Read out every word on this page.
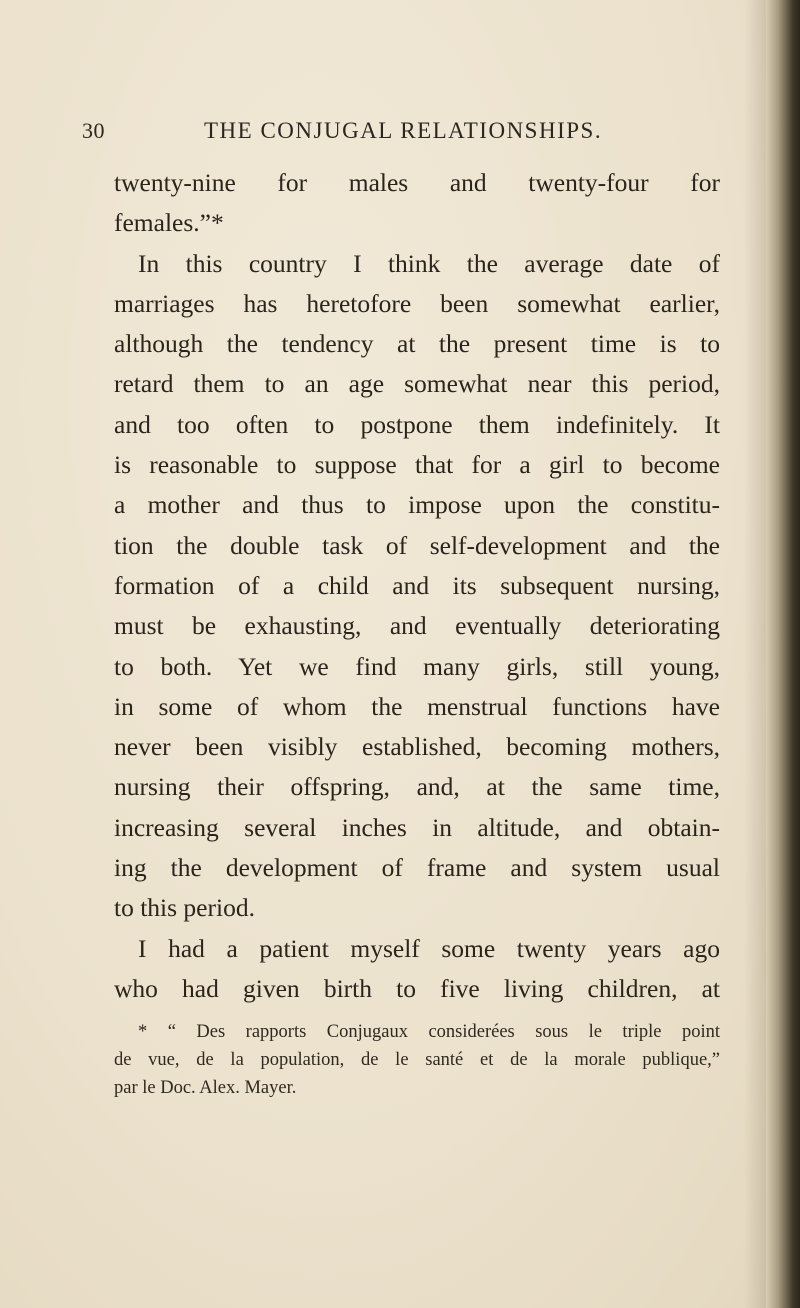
30	THE CONJUGAL RELATIONSHIPS.
twenty-nine for males and twenty-four for
females.”*
In this country I think the average date of
marriages has heretofore been somewhat earlier,
although the tendency at the present time is to
retard them to an age somewhat near this period,
and too often to postpone them indefinitely. It
is reasonable to suppose that for a girl to become
a mother and thus to impose upon the constitu-
tion the double task of self-development and the
formation of a child and its subsequent nursing,
must be exhausting, and eventually deteriorating
to both. Yet we find many girls, still young,
in some of whom the menstrual functions have
never been visibly established, becoming mothers,
nursing their offspring, and, at the same time,
increasing several inches in altitude, and obtain-
ing the development of frame and system usual
to this period.
I had a patient myself some twenty years ago
who had given birth to five living children, at
* “ Des rapports Conjugaux considerées sous le triple point
de vue, de la population, de le santé et de la morale publique,”
par le Doc. Alex. Mayer.
